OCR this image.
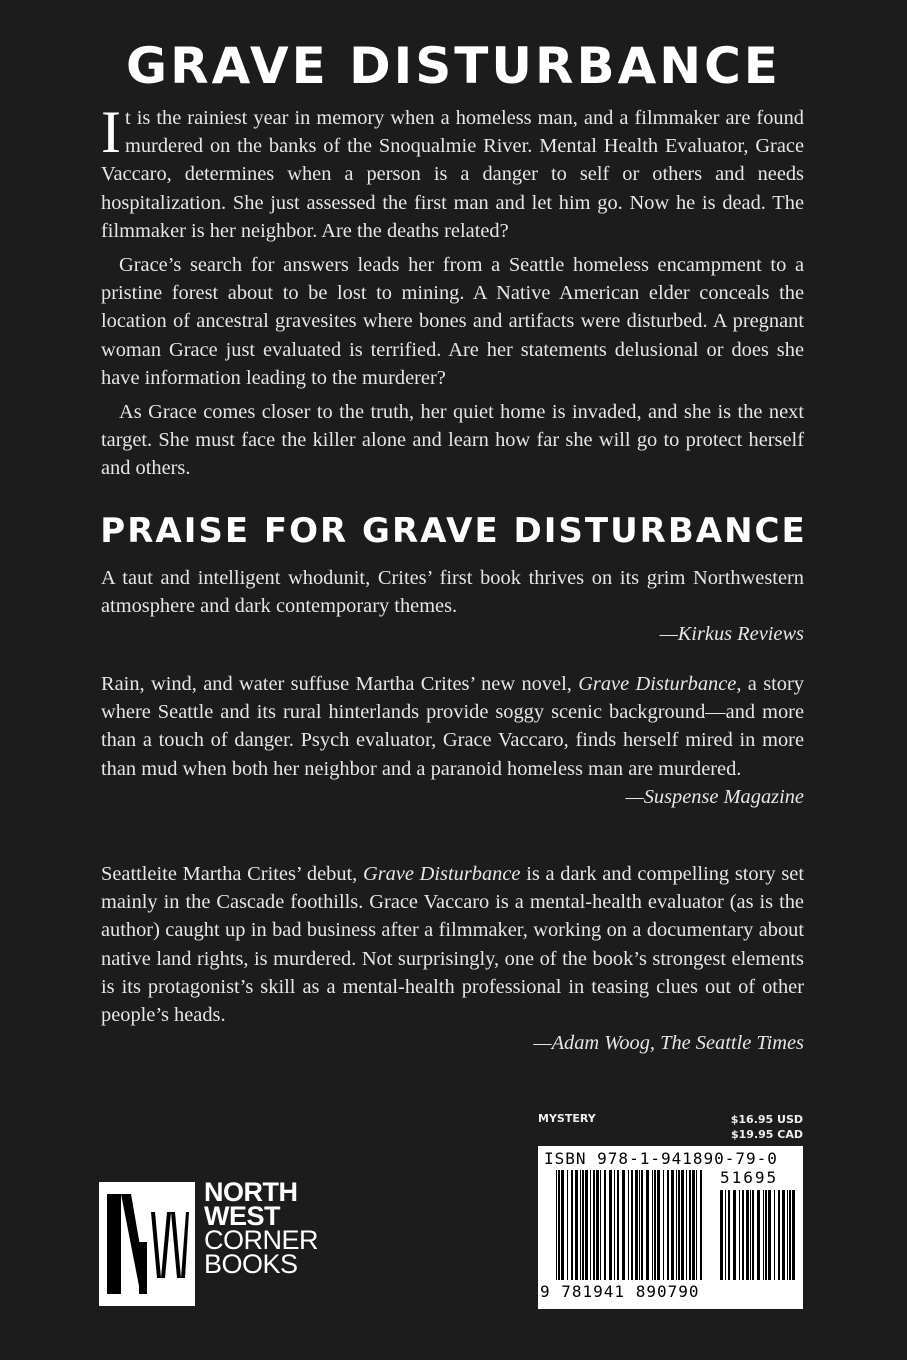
GRAVE DISTURBANCE

It is the rainiest year in memory when a homeless man, and a filmmaker are found murdered on the banks of the Snoqualmie River. Mental Health Evaluator, Grace Vaccaro, determines when a person is a danger to self or others and needs hospitalization. She just assessed the first man and let him go. Now he is dead. The filmmaker is her neighbor. Are the deaths related?

Grace’s search for answers leads her from a Seattle homeless encampment to a pristine forest about to be lost to mining. A Native American elder conceals the location of ancestral gravesites where bones and artifacts were disturbed. A pregnant woman Grace just evaluated is terrified. Are her statements delusional or does she have information leading to the murderer?

As Grace comes closer to the truth, her quiet home is invaded, and she is the next target. She must face the killer alone and learn how far she will go to protect herself and others.

PRAISE FOR GRAVE DISTURBANCE

A taut and intelligent whodunit, Crites’ first book thrives on its grim Northwestern atmosphere and dark contemporary themes.

—Kirkus Reviews

Rain, wind, and water suffuse Martha Crites’ new novel, Grave Disturbance, a story where Seattle and its rural hinterlands provide soggy scenic background—and more than a touch of danger. Psych evaluator, Grace Vaccaro, finds herself mired in more than mud when both her neighbor and a paranoid homeless man are murdered.

—Suspense Magazine

Seattleite Martha Crites’ debut, Grave Disturbance is a dark and compelling story set mainly in the Cascade foothills. Grace Vaccaro is a mental-health evaluator (as is the author) caught up in bad business after a filmmaker, working on a documentary about native land rights, is murdered. Not surprisingly, one of the book’s strongest elements is its protagonist’s skill as a mental-health professional in teasing clues out of other people’s heads.

—Adam Woog, The Seattle Times

MYSTERY	$16.95 USD
$19.95 CAD
ISBN 978-1-941890-79-0
51695
9 781941 890790
NORTH
WEST
CORNER
BOOKS
